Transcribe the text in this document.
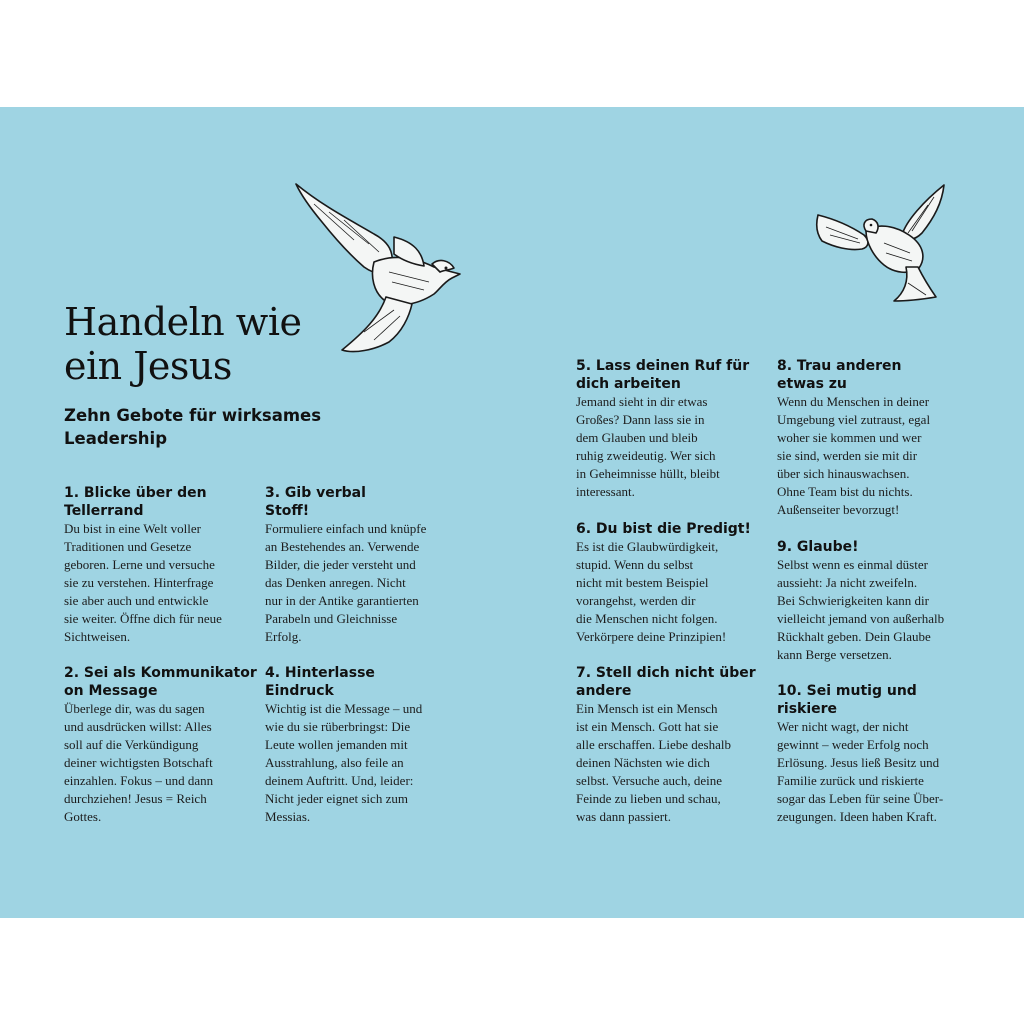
Handeln wie
ein Jesus
Zehn Gebote für wirksames Leadership
1. Blicke über den
Tellerrand

Du bist in eine Welt voller
Traditionen und Gesetze
geboren. Lerne und versuche
sie zu verstehen. Hinterfrage
sie aber auch und entwickle
sie weiter. Öffne dich für neue
Sichtweisen.

2. Sei als Kommunikator
on Message

Überlege dir, was du sagen
und ausdrücken willst: Alles
soll auf die Verkündigung
deiner wichtigsten Botschaft
einzahlen. Fokus – und dann
durchziehen! Jesus = Reich
Gottes.

3. Gib verbal
Stoff!

Formuliere einfach und knüpfe
an Bestehendes an. Verwende
Bilder, die jeder versteht und
das Denken anregen. Nicht
nur in der Antike garantierten
Parabeln und Gleichnisse
Erfolg.

4. Hinterlasse
Eindruck

Wichtig ist die Message – und
wie du sie rüberbringst: Die
Leute wollen jemanden mit
Ausstrahlung, also feile an
deinem Auftritt. Und, leider:
Nicht jeder eignet sich zum
Messias.

5. Lass deinen Ruf für
dich arbeiten

Jemand sieht in dir etwas
Großes? Dann lass sie in
dem Glauben und bleib
ruhig zweideutig. Wer sich
in Geheimnisse hüllt, bleibt
interessant.

6. Du bist die Predigt!

Es ist die Glaubwürdigkeit,
stupid. Wenn du selbst
nicht mit bestem Beispiel
vorangehst, werden dir
die Menschen nicht folgen.
Verkörpere deine Prinzipien!

7. Stell dich nicht über
andere

Ein Mensch ist ein Mensch
ist ein Mensch. Gott hat sie
alle erschaffen. Liebe deshalb
deinen Nächsten wie dich
selbst. Versuche auch, deine
Feinde zu lieben und schau,
was dann passiert.

8. Trau anderen
etwas zu

Wenn du Menschen in deiner
Umgebung viel zutraust, egal
woher sie kommen und wer
sie sind, werden sie mit dir
über sich hinauswachsen.
Ohne Team bist du nichts.
Außenseiter bevorzugt!

9. Glaube!

Selbst wenn es einmal düster
aussieht: Ja nicht zweifeln.
Bei Schwierigkeiten kann dir
vielleicht jemand von außerhalb
Rückhalt geben. Dein Glaube
kann Berge versetzen.

10. Sei mutig und
riskiere

Wer nicht wagt, der nicht
gewinnt – weder Erfolg noch
Erlösung. Jesus ließ Besitz und
Familie zurück und riskierte
sogar das Leben für seine Über-
zeugungen. Ideen haben Kraft.
